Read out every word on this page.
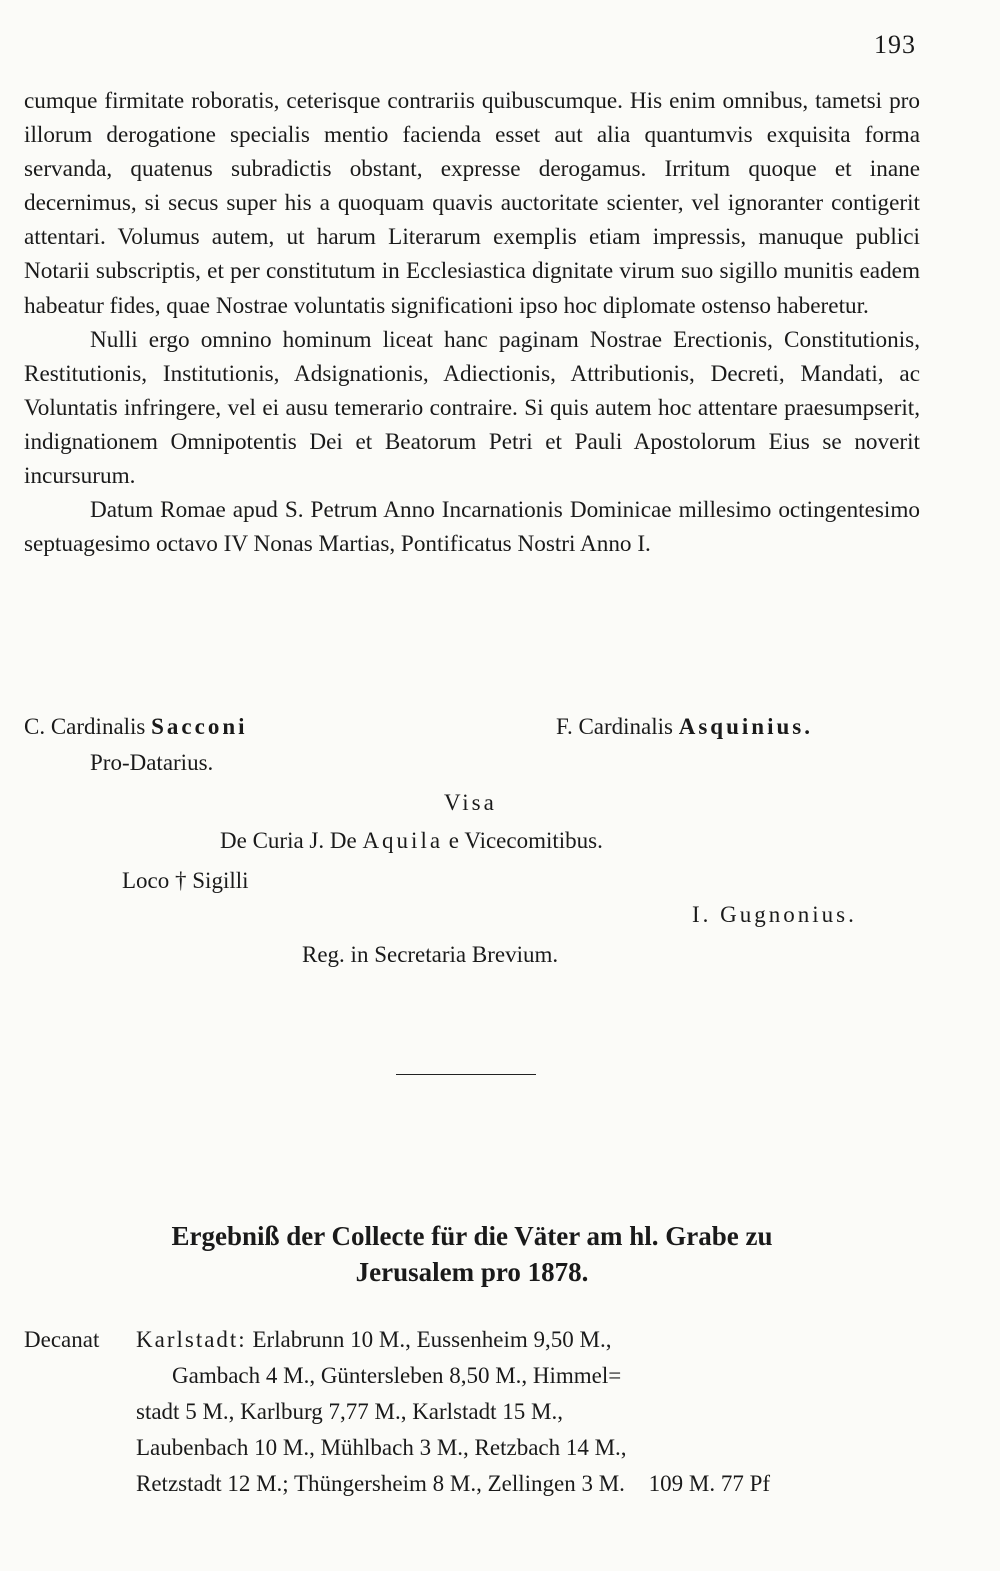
193

cumque firmitate roboratis, ceterisque contrariis quibuscumque. His enim omnibus, tametsi pro illorum derogatione specialis mentio facienda esset aut alia quantumvis exquisita forma servanda, quatenus subradictis obstant, expresse derogamus. Irritum quoque et inane decernimus, si secus super his a quoquam quavis auctoritate scienter, vel ignoranter contigerit attentari. Volumus autem, ut harum Literarum exemplis etiam impressis, manuque publici Notarii subscriptis, et per constitutum in Ecclesiastica dignitate virum suo sigillo munitis eadem habeatur fides, quae Nostrae voluntatis significationi ipso hoc diplomate ostenso haberetur.

Nulli ergo omnino hominum liceat hanc paginam Nostrae Erectionis, Constitutionis, Restitutionis, Institutionis, Adsignationis, Adiectionis, Attributionis, Decreti, Mandati, ac Voluntatis infringere, vel ei ausu temerario contraire. Si quis autem hoc attentare praesumpserit, indignationem Omnipotentis Dei et Beatorum Petri et Pauli Apostolorum Eius se noverit incursurum.

Datum Romae apud S. Petrum Anno Incarnationis Dominicae millesimo octingentesimo septuagesimo octavo IV Nonas Martias, Pontificatus Nostri Anno I.

C. Cardinalis Sacconi
Pro-Datarius.
F. Cardinalis Asquinius.
Visa
De Curia J. De Aquila e Vicecomitibus.
Loco † Sigilli
I. Gugnonius.
Reg. in Secretaria Brevium.
Ergebniß der Collecte für die Väter am hl. Grabe zu
Jerusalem pro 1878.
Decanat Karlstadt: Erlabrunn 10 M., Eussenheim 9,50 M.,
Gambach 4 M., Güntersleben 8,50 M., Himmel=
stadt 5 M., Karlburg 7,77 M., Karlstadt 15 M.,
Laubenbach 10 M., Mühlbach 3 M., Retzbach 14 M.,
Retzstadt 12 M.; Thüngersheim 8 M., Zellingen 3 M. 109 M. 77 Pf
